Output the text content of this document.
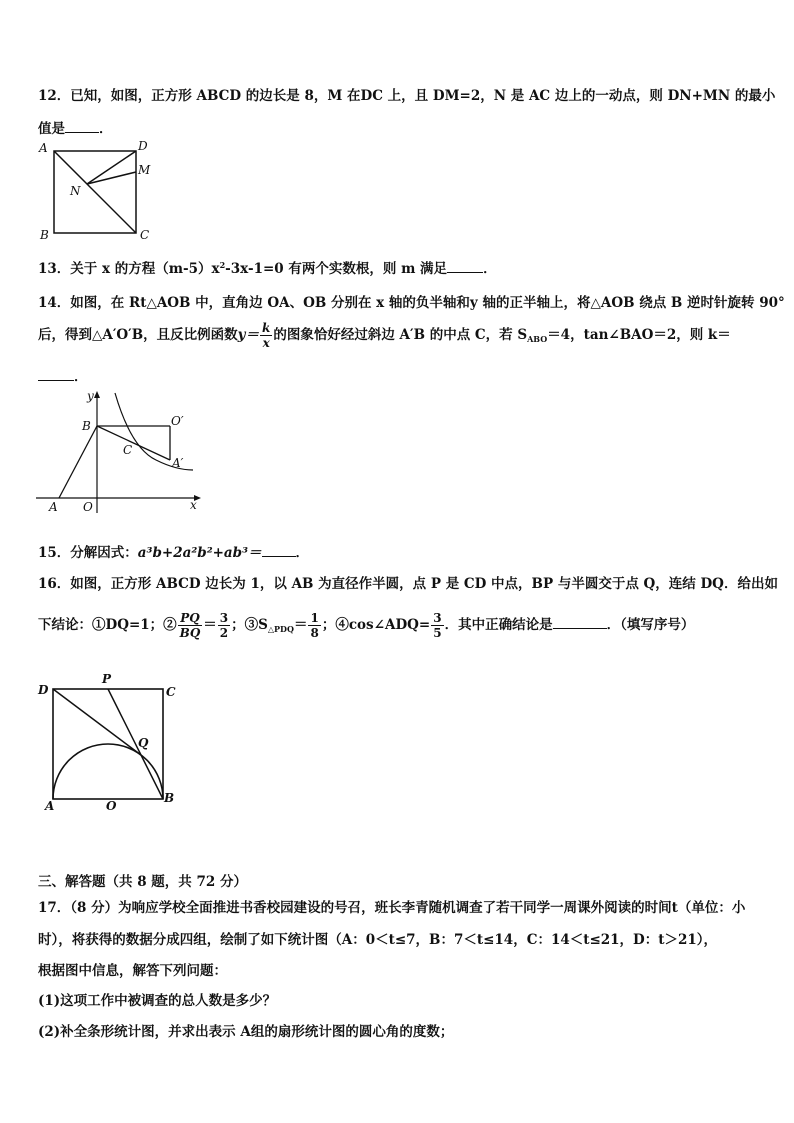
12．已知，如图，正方形 ABCD 的边长是 8，M 在DC 上，且 DM=2，N 是 AC 边上的一动点，则 DN+MN 的最小
值是	．
A	D
M
N
B	C
13．关于 x 的方程$(m-5)x^2-3x-1=0$ 有两个实数根，则 m 满足	．
14．如图，在 Rt△AOB 中，直角边 OA、OB 分别在 x 轴的负半轴和y 轴的正半轴上，将△AOB 绕点 B 逆时针旋转 90°
后，得到△A′O′B，且反比例函数$y= \frac{k}{x}$ 的图象恰好经过斜边 A′B 的中点 C，若 $S_{ABO}=4$，tan∠BAO＝2，则 k＝
．
y
x
B	O′
C
A′
A O
15．分解因式：a³b+2a²b²+ab³＝	．
16．如图，正方形 ABCD 边长为 1，以 AB 为直径作半圆，点 P 是 CD 中点，BP 与半圆交于点 Q，连结 DQ．给出如
下结论：①DQ=1；② $\frac{PQ}{BQ} = \frac{3}{2}$ ；$③S_{\triangle PDQ}= \frac{1}{8}$ ；④cos∠ADQ= $\frac{3}{5}$ ．其中正确结论是	．（填写序号）
D
P
C
Q
A	O
B
三、解答题（共 8 题，共 72 分）
17．（8 分）为响应学校全面推进书香校园建设的号召，班长李青随机调查了若干同学一周课外阅读的时间t（单位：小
时），将获得的数据分成四组，绘制了如下统计图（A：0＜t≤7，B：7＜t≤14，C：14＜t≤21，D：t＞21），
根据图中信息，解答下列问题：
(1)这项工作中被调查的总人数是多少？
(2)补全条形统计图，并求出表示 A组的扇形统计图的圆心角的度数；
